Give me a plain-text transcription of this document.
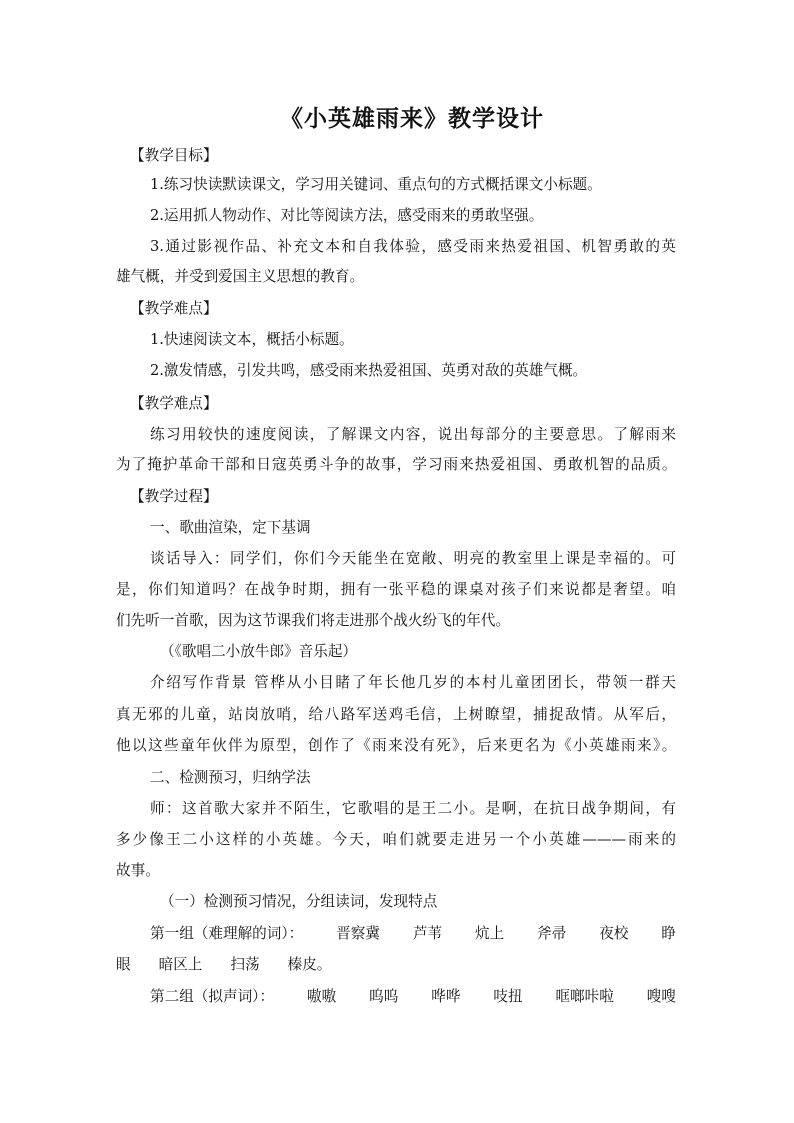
《小英雄雨来》教学设计
【教学目标】
1.练习快读默读课文，学习用关键词、重点句的方式概括课文小标题。
2.运用抓人物动作、对比等阅读方法，感受雨来的勇敢坚强。
3.通过影视作品、补充文本和自我体验，感受雨来热爱祖国、机智勇敢的英
雄气概，并受到爱国主义思想的教育。
【教学难点】
1.快速阅读文本，概括小标题。
2.激发情感，引发共鸣，感受雨来热爱祖国、英勇对敌的英雄气概。
【教学难点】
练习用较快的速度阅读，了解课文内容，说出每部分的主要意思。了解雨来
为了掩护革命干部和日寇英勇斗争的故事，学习雨来热爱祖国、勇敢机智的品质。
【教学过程】
一、歌曲渲染，定下基调
谈话导入：同学们，你们今天能坐在宽敞、明亮的教室里上课是幸福的。可
是，你们知道吗？在战争时期，拥有一张平稳的课桌对孩子们来说都是奢望。咱
们先听一首歌，因为这节课我们将走进那个战火纷飞的年代。
（《歌唱二小放牛郎》音乐起）
介绍写作背景 管桦从小目睹了年长他几岁的本村儿童团团长，带领一群天
真无邪的儿童，站岗放哨，给八路军送鸡毛信，上树瞭望，捕捉敌情。从军后，
他以这些童年伙伴为原型，创作了《雨来没有死》，后来更名为《小英雄雨来》。
二、检测预习，归纳学法
师：这首歌大家并不陌生，它歌唱的是王二小。是啊，在抗日战争期间，有
多少像王二小这样的小英雄。今天，咱们就要走进另一个小英雄———雨来的
故事。
（一）检测预习情况，分组读词，发现特点
第一组（难理解的词）： 晋察冀 芦苇 炕上 斧帚 夜校 睁
眼 暗区上 扫荡 榛皮。
第二组（拟声词）： 嗷嗷 呜呜 哗哗 吱扭 哐啷咔啦 嗖嗖
